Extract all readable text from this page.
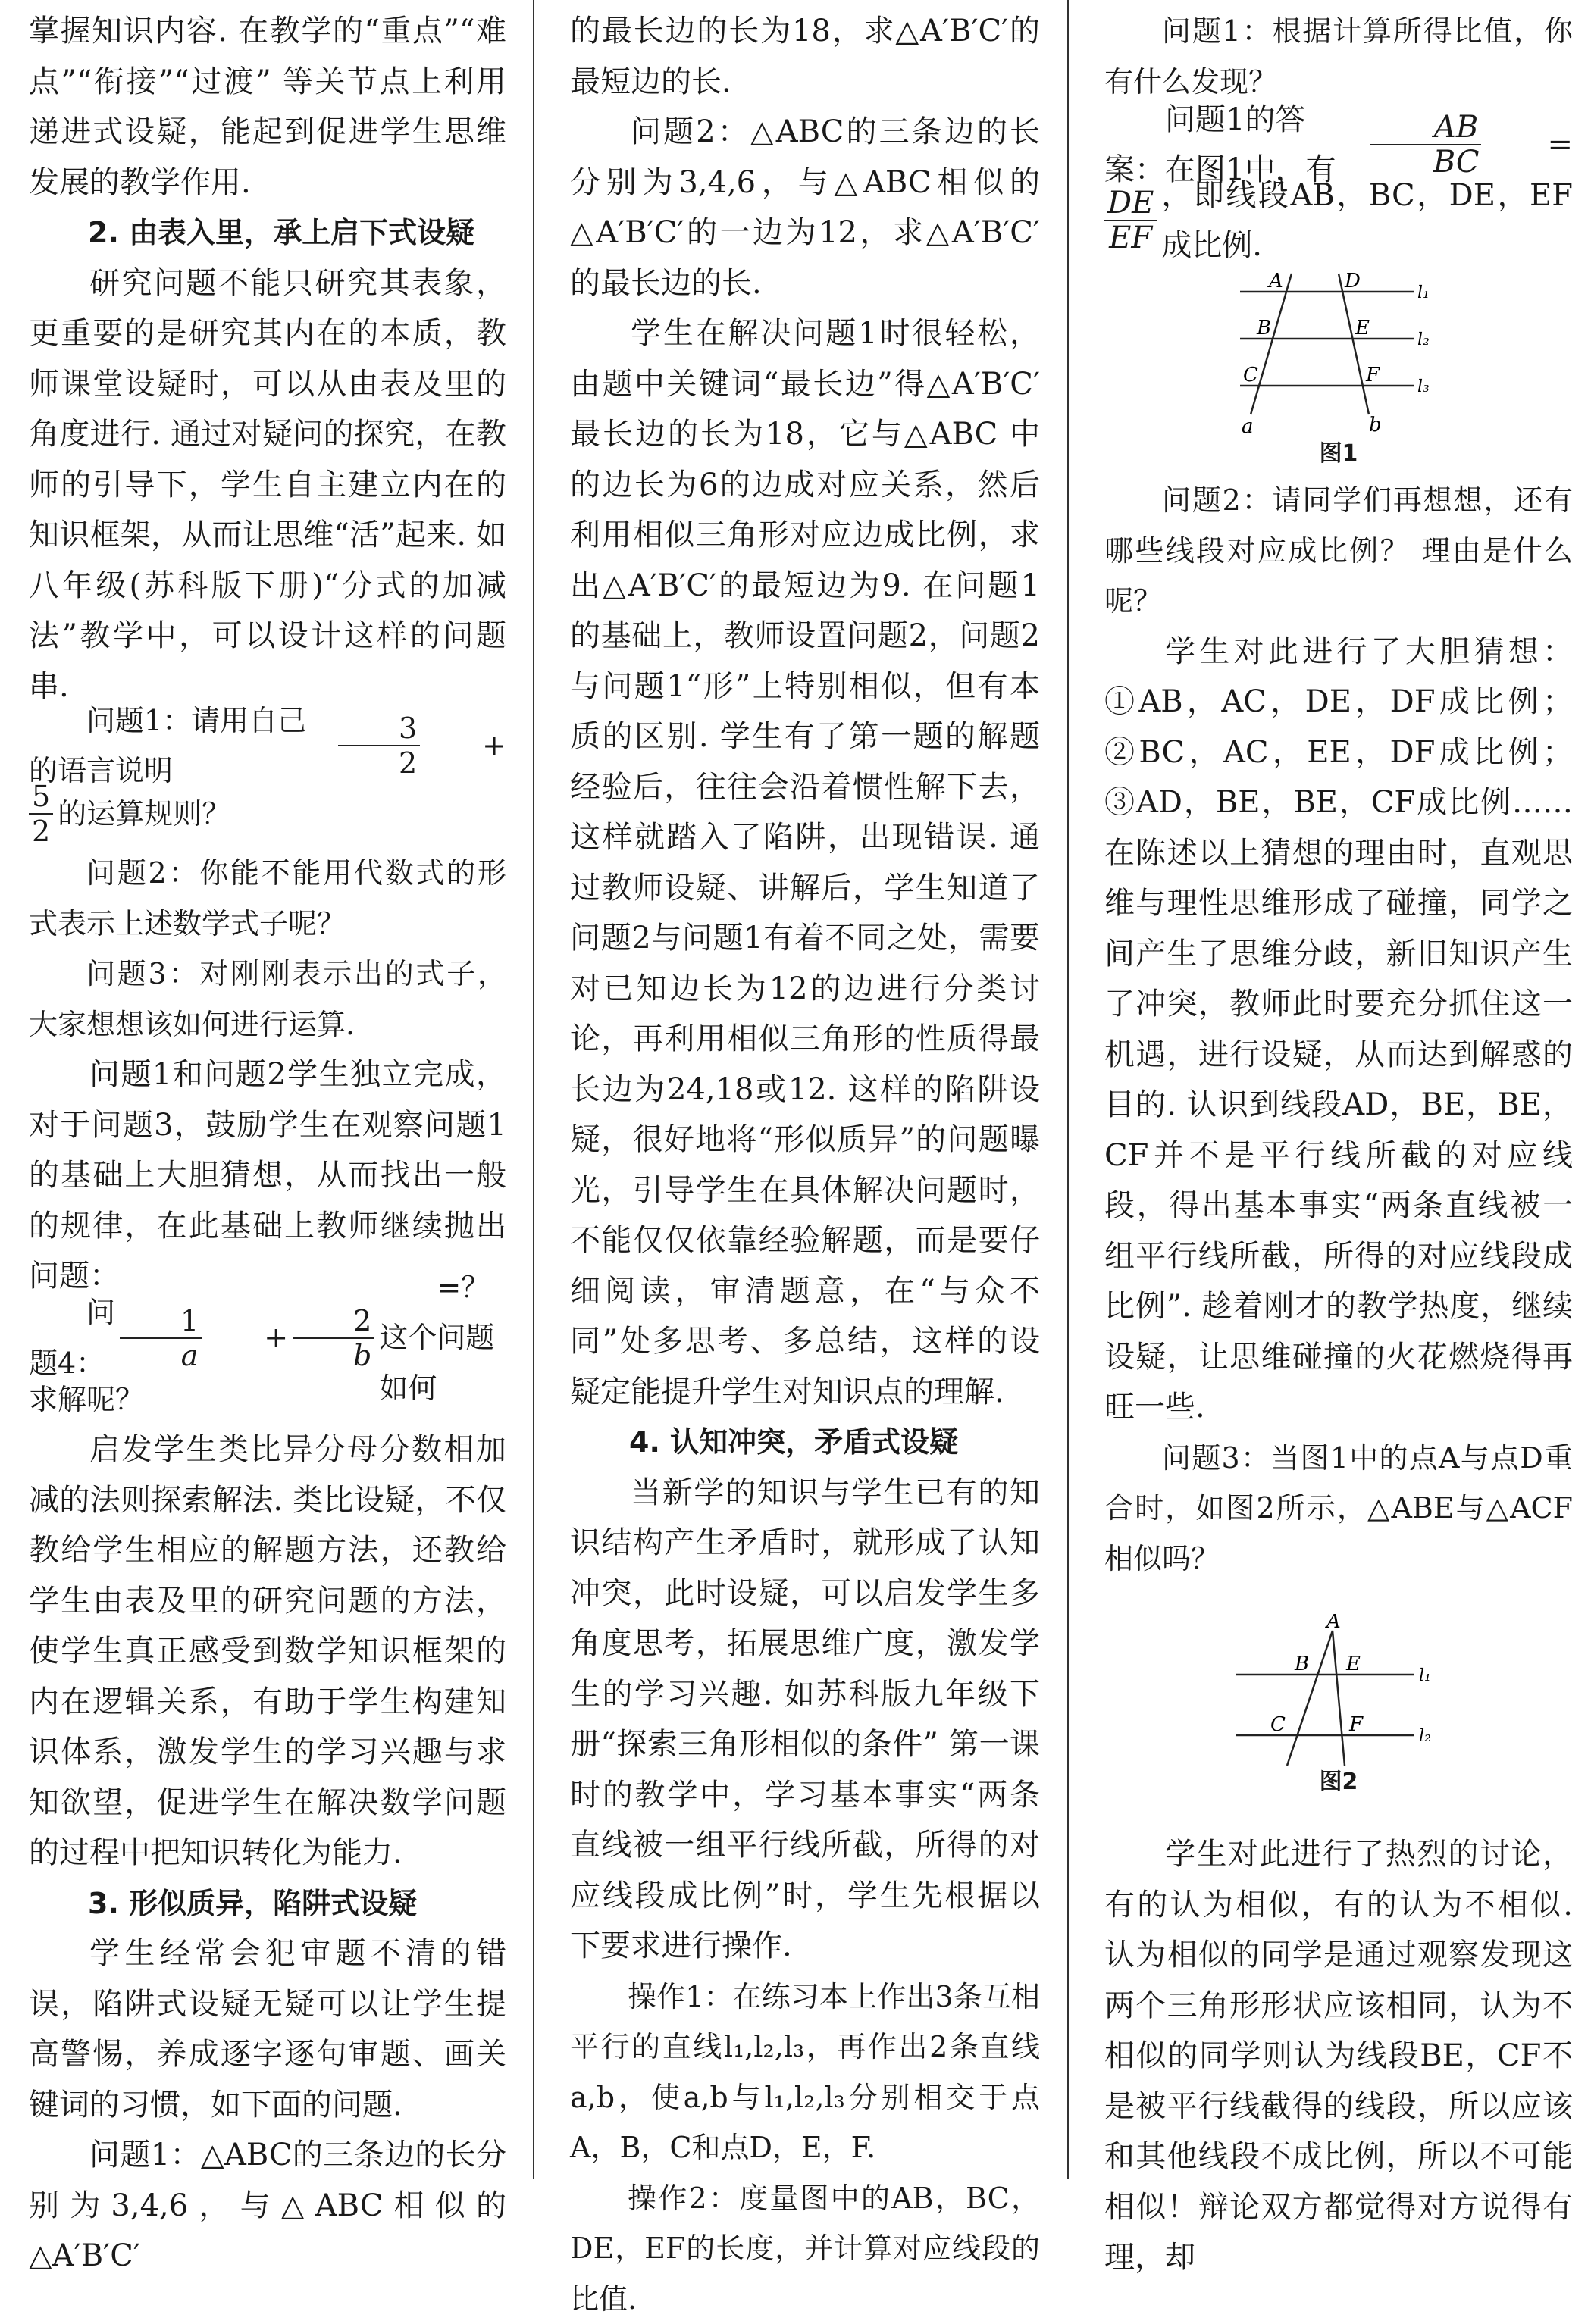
掌握知识内容. 在教学的“重点”“难点”“衔接”“过渡” 等关节点上利用递进式设疑，能起到促进学生思维发展的教学作用.

2. 由表入里，承上启下式设疑

研究问题不能只研究其表象，更重要的是研究其内在的本质，教师课堂设疑时，可以从由表及里的角度进行. 通过对疑问的探究，在教师的引导下，学生自主建立内在的知识框架，从而让思维“活”起来. 如八年级(苏科版下册)“分式的加减法”教学中，可以设计这样的问题串.

问题1：请用自己的语言说明	$\frac{3}{2}$	+
$\frac{5}{2}$ 的运算规则？

问题2：你能不能用代数式的形式表示上述数学式子呢？

问题3：对刚刚表示出的式子，大家想想该如何进行运算.

问题1和问题2学生独立完成，对于问题3，鼓励学生在观察问题1的基础上大胆猜想，从而找出一般的规律，在此基础上教师继续抛出问题：

问题4： $\frac{1}{a}$	+ $\frac{2}{b}$
=？ 这个问题如何

求解呢？

启发学生类比异分母分数相加减的法则探索解法. 类比设疑，不仅教给学生相应的解题方法，还教给学生由表及里的研究问题的方法，使学生真正感受到数学知识框架的内在逻辑关系，有助于学生构建知识体系，激发学生的学习兴趣与求知欲望，促进学生在解决数学问题的过程中把知识转化为能力.

3. 形似质异，陷阱式设疑

学生经常会犯审题不清的错误，陷阱式设疑无疑可以让学生提高警惕，养成逐字逐句审题、画关键词的习惯，如下面的问题.

问题1：△ABC的三条边的长分别为3,4,6，与△ABC相似的△A′B′C′

的最长边的长为18，求△A′B′C′的最短边的长.

问题2：△ABC的三条边的长分别为3,4,6，与△ABC相似的△A′B′C′的一边为12，求△A′B′C′的最长边的长.

学生在解决问题1时很轻松，由题中关键词“最长边”得△A′B′C′最长边的长为18，它与△ABC 中的边长为6的边成对应关系，然后利用相似三角形对应边成比例，求出△A′B′C′的最短边为9. 在问题1的基础上，教师设置问题2，问题2与问题1“形”上特别相似，但有本质的区别. 学生有了第一题的解题经验后，往往会沿着惯性解下去，这样就踏入了陷阱，出现错误. 通过教师设疑、讲解后，学生知道了问题2与问题1有着不同之处，需要对已知边长为12的边进行分类讨论，再利用相似三角形的性质得最长边为24,18或12. 这样的陷阱设疑，很好地将“形似质异”的问题曝光，引导学生在具体解决问题时，不能仅仅依靠经验解题，而是要仔细阅读，审清题意，在“与众不同”处多思考、多总结，这样的设疑定能提升学生对知识点的理解.

4. 认知冲突，矛盾式设疑

当新学的知识与学生已有的知识结构产生矛盾时，就形成了认知冲突，此时设疑，可以启发学生多角度思考，拓展思维广度，激发学生的学习兴趣. 如苏科版九年级下册“探索三角形相似的条件” 第一课时的教学中，学习基本事实“两条直线被一组平行线所截，所得的对应线段成比例”时，学生先根据以下要求进行操作.

操作1：在练习本上作出3条互相平行的直线l₁,l₂,l₃，再作出2条直线a,b，使a,b与l₁,l₂,l₃分别相交于点A，B，C和点D，E，F.

操作2：度量图中的AB，BC，DE，EF的长度，并计算对应线段的比值.

问题1：根据计算所得比值，你有什么发现？

问题1的答案：在图1中，有	$\frac{AB}{BC}$	=
$\frac{DE}{EF}$ ，即线段AB，BC，DE，EF成比例.
A	D
l₁
B	E
l₂
C	F
l₃
a	b
图1

问题2：请同学们再想想，还有哪些线段对应成比例？ 理由是什么呢？

学生对此进行了大胆猜想：①AB，AC，DE，DF成比例；②BC，AC，EE，DF成比例；③AD，BE，BE，CF成比例……在陈述以上猜想的理由时，直观思维与理性思维形成了碰撞，同学之间产生了思维分歧，新旧知识产生了冲突，教师此时要充分抓住这一机遇，进行设疑，从而达到解惑的目的. 认识到线段AD，BE，BE，CF并不是平行线所截的对应线段，得出基本事实“两条直线被一组平行线所截，所得的对应线段成比例”. 趁着刚才的教学热度，继续设疑，让思维碰撞的火花燃烧得再旺一些.

问题3：当图1中的点A与点D重合时，如图2所示，△ABE与△ACF相似吗？

A
B E
l₁
C	F
l₂
图2

学生对此进行了热烈的讨论，有的认为相似，有的认为不相似. 认为相似的同学是通过观察发现这两个三角形形状应该相同，认为不相似的同学则认为线段BE，CF不是被平行线截得的线段，所以应该和其他线段不成比例，所以不可能相似！辩论双方都觉得对方说得有理，却
